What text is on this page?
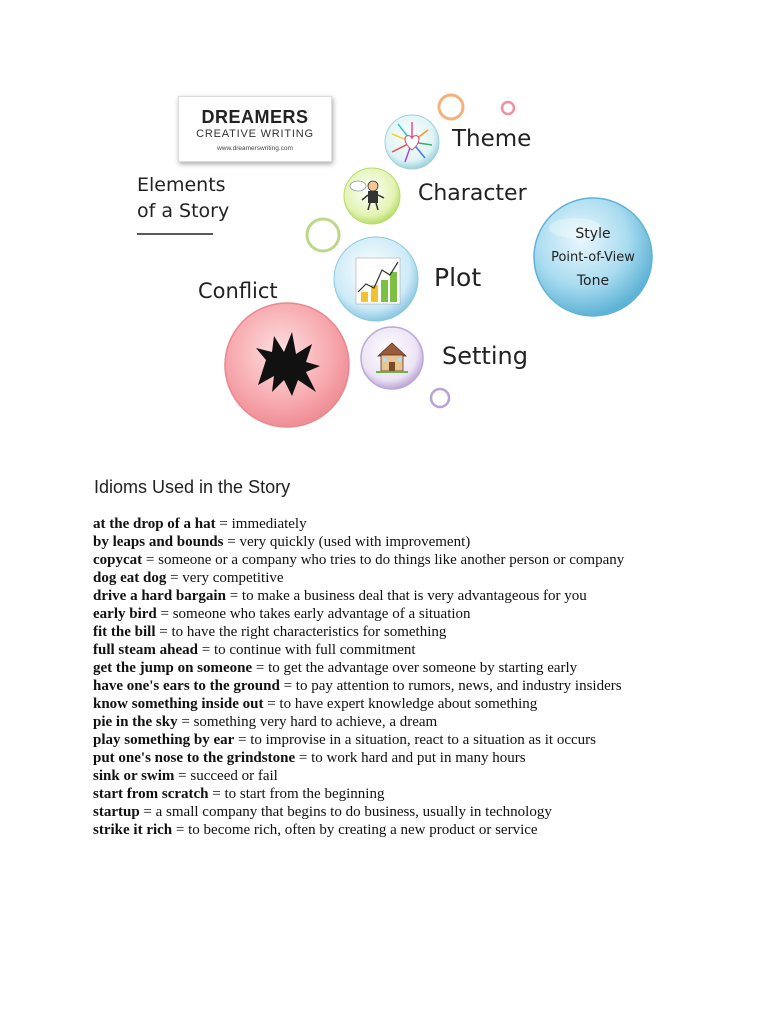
DREAMERS
CREATIVE WRITING
www.dreamerswriting.com
Elements
of a Story
Theme
Character
Plot
Conflict
Setting
Style
Point-of-View
Tone
Idioms Used in the Story

at the drop of a hat = immediately

by leaps and bounds = very quickly (used with improvement)

copycat = someone or a company who tries to do things like another person or company

dog eat dog = very competitive

drive a hard bargain = to make a business deal that is very advantageous for you

early bird = someone who takes early advantage of a situation

fit the bill = to have the right characteristics for something

full steam ahead = to continue with full commitment

get the jump on someone = to get the advantage over someone by starting early

have one's ears to the ground = to pay attention to rumors, news, and industry insiders

know something inside out = to have expert knowledge about something

pie in the sky = something very hard to achieve, a dream

play something by ear = to improvise in a situation, react to a situation as it occurs

put one's nose to the grindstone = to work hard and put in many hours

sink or swim = succeed or fail

start from scratch = to start from the beginning

startup = a small company that begins to do business, usually in technology

strike it rich = to become rich, often by creating a new product or service
